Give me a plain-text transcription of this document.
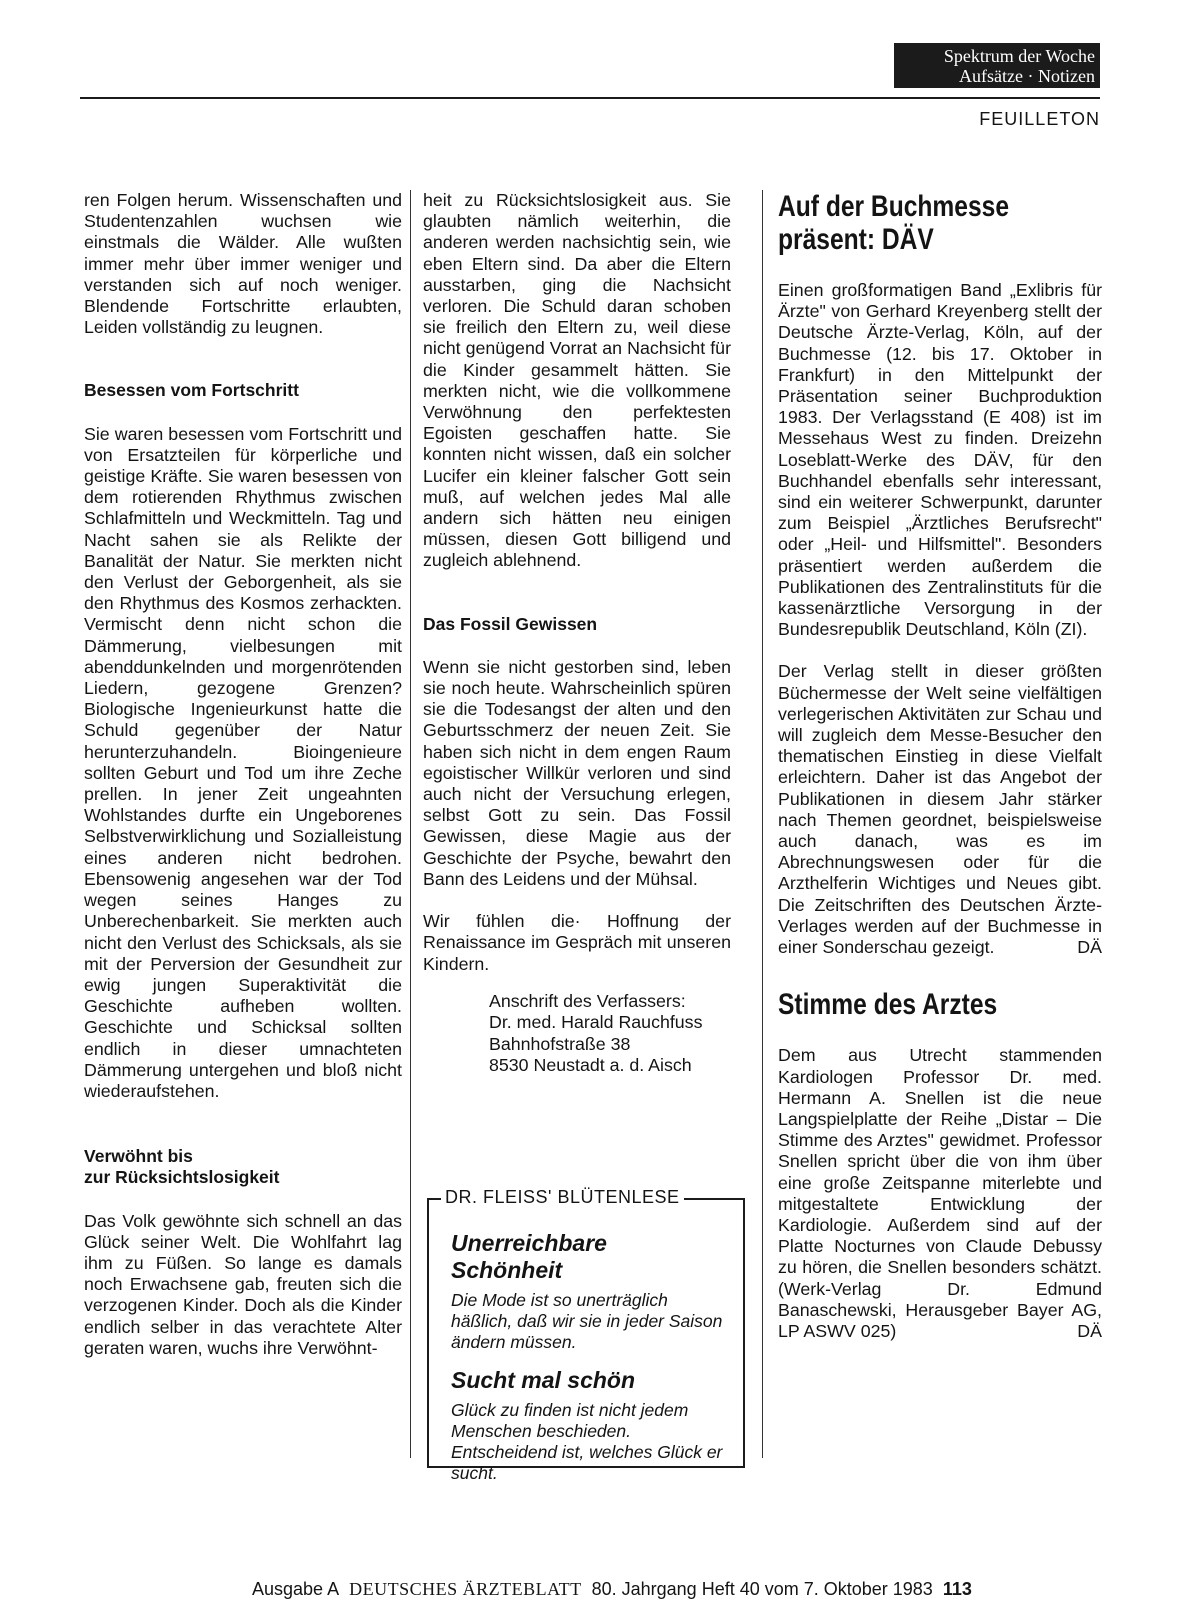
Spektrum der Woche
Aufsätze · Notizen
FEUILLETON

ren Folgen herum. Wissenschaften und Studentenzahlen wuchsen wie einstmals die Wälder. Alle wußten immer mehr über immer weniger und verstanden sich auf noch weniger. Blendende Fortschritte erlaubten, Leiden vollständig zu leugnen.

Besessen vom Fortschritt

Sie waren besessen vom Fortschritt und von Ersatzteilen für körperliche und geistige Kräfte. Sie waren besessen von dem rotierenden Rhythmus zwischen Schlafmitteln und Weckmitteln. Tag und Nacht sahen sie als Relikte der Banalität der Natur. Sie merkten nicht den Verlust der Geborgenheit, als sie den Rhythmus des Kosmos zerhackten. Vermischt denn nicht schon die Dämmerung, vielbesungen mit abenddunkelnden und morgenrötenden Liedern, gezogene Grenzen? Biologische Ingenieurkunst hatte die Schuld gegenüber der Natur herunterzuhandeln. Bioingenieure sollten Geburt und Tod um ihre Zeche prellen. In jener Zeit ungeahnten Wohlstandes durfte ein Ungeborenes Selbstverwirklichung und Sozialleistung eines anderen nicht bedrohen. Ebensowenig angesehen war der Tod wegen seines Hanges zu Unberechenbarkeit. Sie merkten auch nicht den Verlust des Schicksals, als sie mit der Perversion der Gesundheit zur ewig jungen Superaktivität die Geschichte aufheben wollten. Geschichte und Schicksal sollten endlich in dieser umnachteten Dämmerung untergehen und bloß nicht wiederaufstehen.

Verwöhnt bis
zur Rücksichtslosigkeit

Das Volk gewöhnte sich schnell an das Glück seiner Welt. Die Wohlfahrt lag ihm zu Füßen. So lange es damals noch Erwachsene gab, freuten sich die verzogenen Kinder. Doch als die Kinder endlich selber in das verachtete Alter geraten waren, wuchs ihre Verwöhnt-

heit zu Rücksichtslosigkeit aus. Sie glaubten nämlich weiterhin, die anderen werden nachsichtig sein, wie eben Eltern sind. Da aber die Eltern ausstarben, ging die Nachsicht verloren. Die Schuld daran schoben sie freilich den Eltern zu, weil diese nicht genügend Vorrat an Nachsicht für die Kinder gesammelt hätten. Sie merkten nicht, wie die vollkommene Verwöhnung den perfektesten Egoisten geschaffen hatte. Sie konnten nicht wissen, daß ein solcher Lucifer ein kleiner falscher Gott sein muß, auf welchen jedes Mal alle andern sich hätten neu einigen müssen, diesen Gott billigend und zugleich ablehnend.

Das Fossil Gewissen

Wenn sie nicht gestorben sind, leben sie noch heute. Wahrscheinlich spüren sie die Todesangst der alten und den Geburtsschmerz der neuen Zeit. Sie haben sich nicht in dem engen Raum egoistischer Willkür verloren und sind auch nicht der Versuchung erlegen, selbst Gott zu sein. Das Fossil Gewissen, diese Magie aus der Geschichte der Psyche, bewahrt den Bann des Leidens und der Mühsal.

Wir fühlen die· Hoffnung der Renaissance im Gespräch mit unseren Kindern.

Anschrift des Verfassers:
Dr. med. Harald Rauchfuss
Bahnhofstraße 38
8530 Neustadt a. d. Aisch
DR. FLEISS' BLÜTENLESE

Unerreichbare Schönheit

Die Mode ist so unerträglich häßlich, daß wir sie in jeder Saison ändern müssen.

Sucht mal schön

Glück zu finden ist nicht jedem Menschen beschieden. Entscheidend ist, welches Glück er sucht.

Auf der Buchmesse
präsent: DÄV

Einen großformatigen Band „Exlibris für Ärzte" von Gerhard Kreyenberg stellt der Deutsche Ärzte-Verlag, Köln, auf der Buchmesse (12. bis 17. Oktober in Frankfurt) in den Mittelpunkt der Präsentation seiner Buchproduktion 1983. Der Verlagsstand (E 408) ist im Messehaus West zu finden. Dreizehn Loseblatt-Werke des DÄV, für den Buchhandel ebenfalls sehr interessant, sind ein weiterer Schwerpunkt, darunter zum Beispiel „Ärztliches Berufsrecht" oder „Heil- und Hilfsmittel". Besonders präsentiert werden außerdem die Publikationen des Zentralinstituts für die kassenärztliche Versorgung in der Bundesrepublik Deutschland, Köln (ZI).

Der Verlag stellt in dieser größten Büchermesse der Welt seine vielfältigen verlegerischen Aktivitäten zur Schau und will zugleich dem Messe-Besucher den thematischen Einstieg in diese Vielfalt erleichtern. Daher ist das Angebot der Publikationen in diesem Jahr stärker nach Themen geordnet, beispielsweise auch danach, was es im Abrechnungswesen oder für die Arzthelferin Wichtiges und Neues gibt. Die Zeitschriften des Deutschen Ärzte-Verlages werden auf der Buchmesse in einer Sonderschau gezeigt.	DÄ

Stimme des Arztes

Dem aus Utrecht stammenden Kardiologen Professor Dr. med. Hermann A. Snellen ist die neue Langspielplatte der Reihe „Distar – Die Stimme des Arztes" gewidmet. Professor Snellen spricht über die von ihm über eine große Zeitspanne miterlebte und mitgestaltete Entwicklung der Kardiologie. Außerdem sind auf der Platte Nocturnes von Claude Debussy zu hören, die Snellen besonders schätzt. (Werk-Verlag Dr. Edmund Banaschewski, Herausgeber Bayer AG, LP ASWV 025)	DÄ

Ausgabe A DEUTSCHES ÄRZTEBLATT 80. Jahrgang Heft 40 vom 7. Oktober 1983 113
